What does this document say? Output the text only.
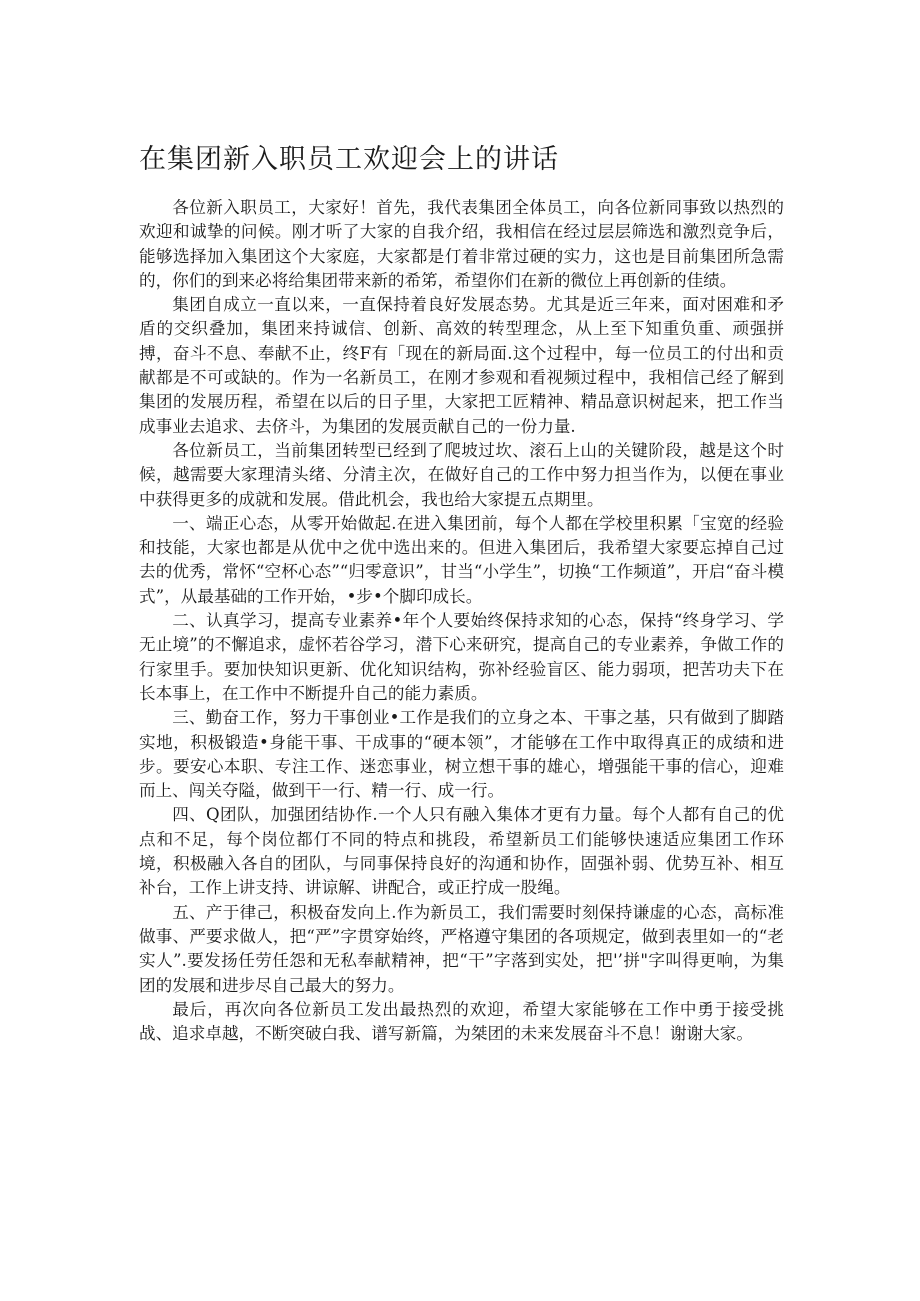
在集团新入职员工欢迎会上的讲话

各位新入职员工，大家好！首先，我代表集团全体员工，向各位新同事致以热烈的欢迎和诚挚的问候。刚才听了大家的自我介绍，我相信在经过层层筛选和激烈竞争后，能够选择加入集团这个大家庭，大家都是仃着非常过硬的实力，这也是目前集团所急需的，你们的到来必将给集团带来新的希笫，希望你们在新的微位上再创新的佳绩。

集团自成立一直以来，一直保持着良好发展态势。尤其是近三年来，面对困难和矛盾的交织叠加，集团来持诚信、创新、高效的转型理念，从上至下知重负重、顽强拼搏，奋斗不息、奉献不止，终F有「现在的新局面.这个过程中，每一位员工的付出和贡献都是不可或缺的。作为一名新员工，在刚才参观和看视频过程中，我相信己经了解到集团的发展历程，希望在以后的日子里，大家把工匠精神、精品意识树起来，把工作当成事业去追求、去侪斗，为集团的发展贡献自己的一份力量.

各位新员工，当前集团转型已经到了爬坡过坎、滚石上山的关键阶段，越是这个时候，越需要大家理清头绪、分清主次，在做好自己的工作中努力担当作为，以便在事业中获得更多的成就和发展。借此机会，我也给大家提五点期里。

一、端正心态，从零开始做起.在进入集团前，每个人都在学校里积累「宝宽的经验和技能，大家也都是从优中之优中选出来的。但进入集团后，我希望大家要忘掉自己过去的优秀，常怀“空杯心态”“归零意识”，甘当“小学生”，切换“工作频道”，开启“奋斗模式”，从最基础的工作开始，•步•个脚印成长。

二、认真学习，提高专业素养•年个人要始终保持求知的心态，保持“终身学习、学无止境”的不懈追求，虚怀若谷学习，潜下心来研究，提高自己的专业素养，争做工作的行家里手。要加快知识更新、优化知识结构，弥补经验盲区、能力弱项，把苦功夫下在长本事上，在工作中不断提升自己的能力素质。

三、勤奋工作，努力干事创业•工作是我们的立身之本、干事之基，只有做到了脚踏实地，积极锻造•身能干事、干成事的“硬本领”，才能够在工作中取得真正的成绩和进步。要安心本职、专注工作、迷恋事业，树立想干事的雄心，增强能干事的信心，迎难而上、闯关夺隘，做到干一行、精一行、成一行。

四、Q团队，加强团结协作.一个人只有融入集体才更有力量。每个人都有自己的优点和不足，每个岗位都仃不同的特点和挑段，希望新员工们能够快速适应集团工作环境，积极融入各自的团队，与同事保持良好的沟通和协作，固强补弱、优势互补、相互补台，工作上讲支持、讲谅解、讲配合，或正拧成一股绳。

五、产于律己，积极奋发向上.作为新员工，我们需要时刻保持谦虚的心态，高标准做事、严要求做人，把“严”字贯穿始终，严格遵守集团的各项规定，做到表里如一的“老实人”.要发扬任劳任怨和无私奉献精神，把“干”字落到实处，把'’拼"字叫得更响，为集团的发展和进步尽自己最大的努力。

最后，再次向各位新员工发出最热烈的欢迎，希望大家能够在工作中勇于接受挑战、追求卓越，不断突破白我、谱写新篇，为桀团的未来发展奋斗不息！谢谢大家。
